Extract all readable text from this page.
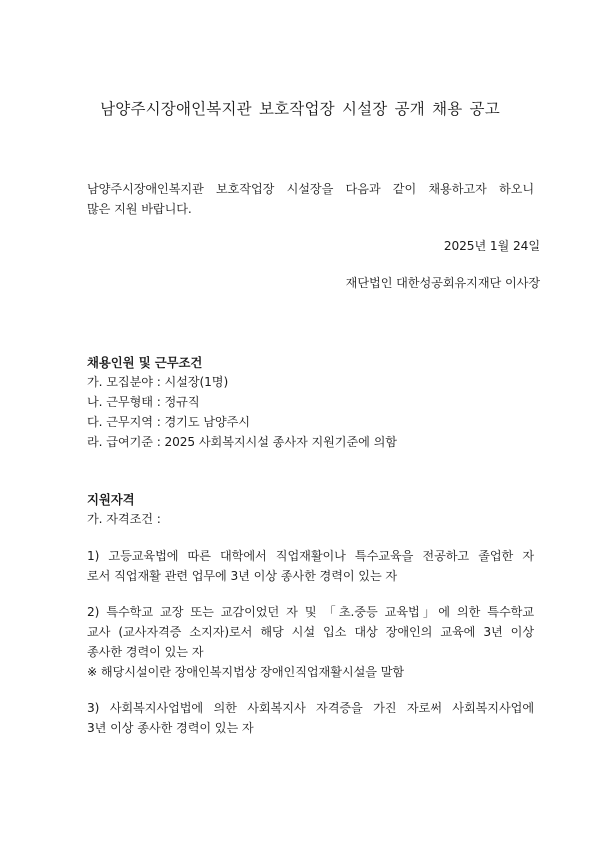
남양주시장애인복지관 보호작업장 시설장 공개 채용 공고
남양주시장애인복지관 보호작업장 시설장을 다음과 같이 채용하고자 하오니
많은 지원 바랍니다.
2025년 1월 24일
재단법인 대한성공회유지재단 이사장
채용인원 및 근무조건
가. 모집분야 : 시설장(1명)
나. 근무형태 : 정규직
다. 근무지역 : 경기도 남양주시
라. 급여기준 : 2025 사회복지시설 종사자 지원기준에 의함
지원자격
가. 자격조건 :
1) 고등교육법에 따른 대학에서 직업재활이나 특수교육을 전공하고 졸업한 자
로서 직업재활 관련 업무에 3년 이상 종사한 경력이 있는 자
2) 특수학교 교장 또는 교감이었던 자 및 「초.중등 교육법」에 의한 특수학교
교사 (교사자격증 소지자)로서 해당 시설 입소 대상 장애인의 교육에 3년 이상
종사한 경력이 있는 자
※ 해당시설이란 장애인복지법상 장애인직업재활시설을 말함
3) 사회복지사업법에 의한 사회복지사 자격증을 가진 자로써 사회복지사업에
3년 이상 종사한 경력이 있는 자
